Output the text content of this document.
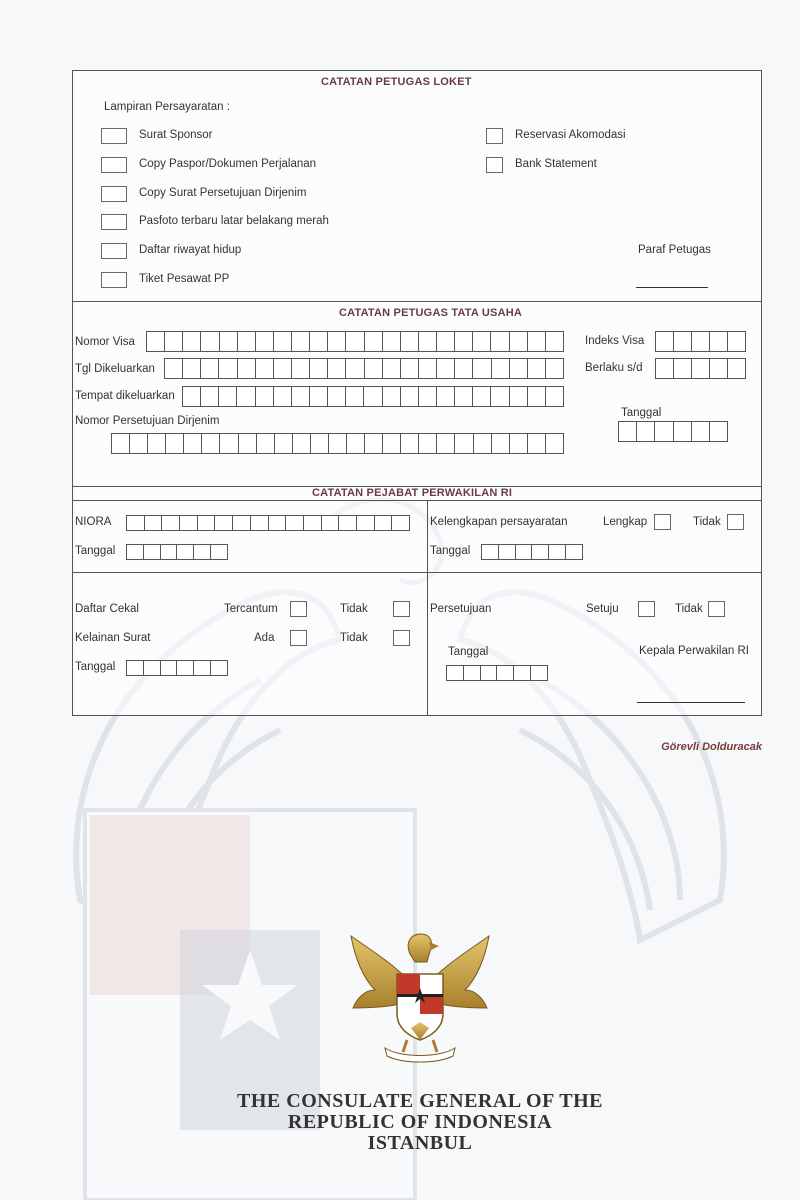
CATATAN PETUGAS LOKET
Lampiran Persayaratan :
Surat Sponsor
Copy Paspor/Dokumen Perjalanan
Copy Surat Persetujuan Dirjenim
Pasfoto terbaru latar belakang merah
Daftar riwayat hidup
Tiket Pesawat PP
Reservasi Akomodasi
Bank Statement
Paraf Petugas
CATATAN PETUGAS TATA USAHA
Nomor Visa
Tgl Dikeluarkan
Tempat dikeluarkan
Nomor Persetujuan Dirjenim
Indeks Visa
Berlaku s/d
Tanggal
CATATAN PEJABAT PERWAKILAN RI
NIORA
Tanggal
Kelengkapan persayaratan	Lengkap	Tidak
Tanggal
Daftar Cekal	Tercantum	Tidak
Kelainan Surat	Ada	Tidak
Tanggal
Persetujuan	Setuju	Tidak
Tanggal	Kepala Perwakilan RI
Görevli Dolduracak
THE CONSULATE GENERAL OF THE
REPUBLIC OF INDONESIA
ISTANBUL
